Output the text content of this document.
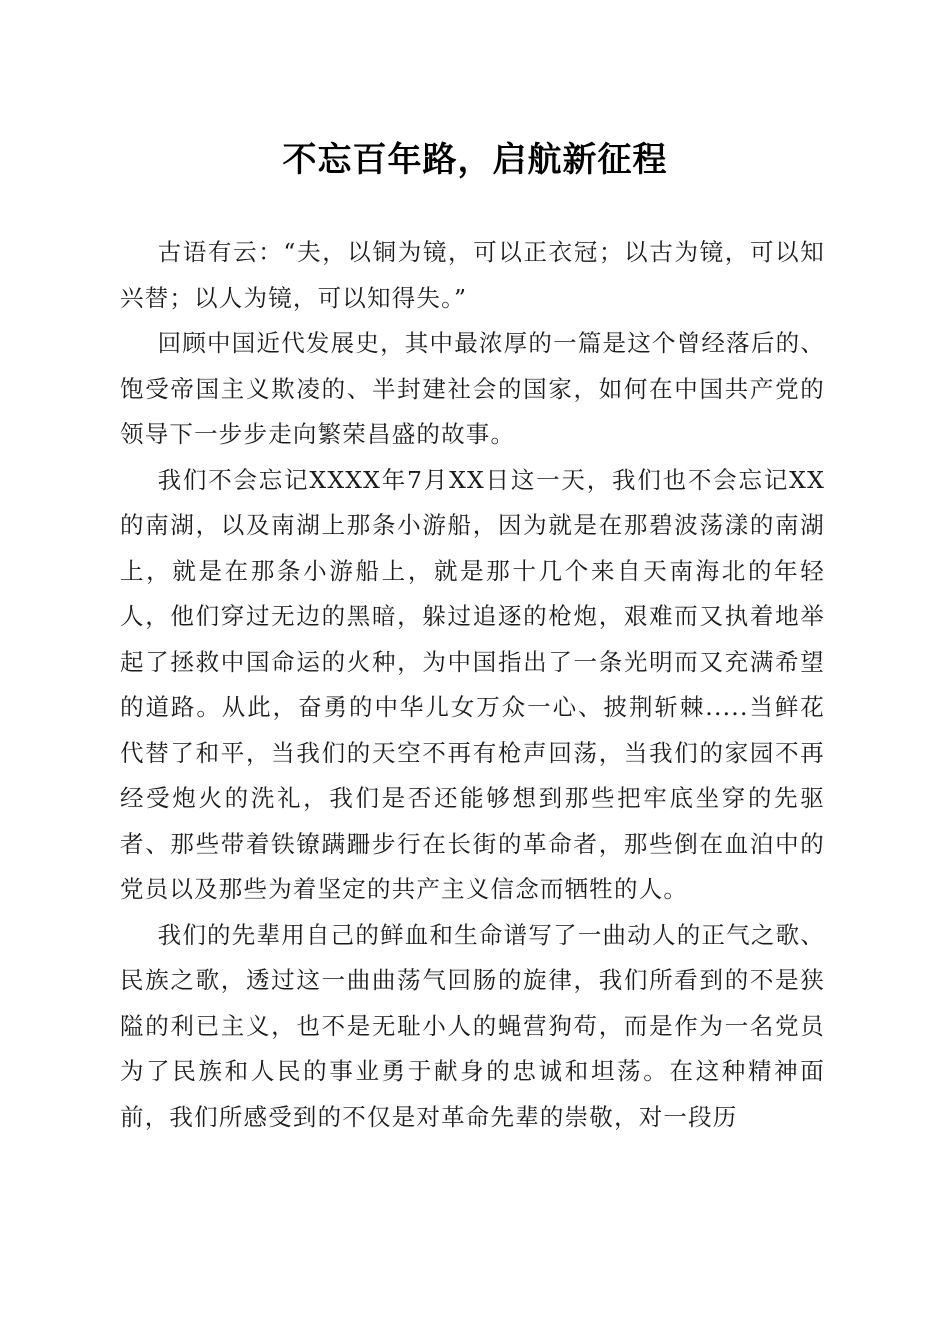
不忘百年路，启航新征程

古语有云：“夫，以铜为镜，可以正衣冠；以古为镜，可以知兴替；以人为镜，可以知得失。”

回顾中国近代发展史，其中最浓厚的一篇是这个曾经落后的、饱受帝国主义欺凌的、半封建社会的国家，如何在中国共产党的领导下一步步走向繁荣昌盛的故事。

我们不会忘记XXXX年7月XX日这一天，我们也不会忘记XX的南湖，以及南湖上那条小游船，因为就是在那碧波荡漾的南湖上，就是在那条小游船上，就是那十几个来自天南海北的年轻人，他们穿过无边的黑暗，躲过追逐的枪炮，艰难而又执着地举起了拯救中国命运的火种，为中国指出了一条光明而又充满希望的道路。从此，奋勇的中华儿女万众一心、披荆斩棘.....当鲜花代替了和平，当我们的天空不再有枪声回荡，当我们的家园不再经受炮火的洗礼，我们是否还能够想到那些把牢底坐穿的先驱者、那些带着铁镣蹒跚步行在长街的革命者，那些倒在血泊中的党员以及那些为着坚定的共产主义信念而牺牲的人。

我们的先辈用自己的鲜血和生命谱写了一曲动人的正气之歌、民族之歌，透过这一曲曲荡气回肠的旋律，我们所看到的不是狭隘的利已主义，也不是无耻小人的蝇营狗苟，而是作为一名党员为了民族和人民的事业勇于献身的忠诚和坦荡。在这种精神面前，我们所感受到的不仅是对革命先辈的崇敬，对一段历
